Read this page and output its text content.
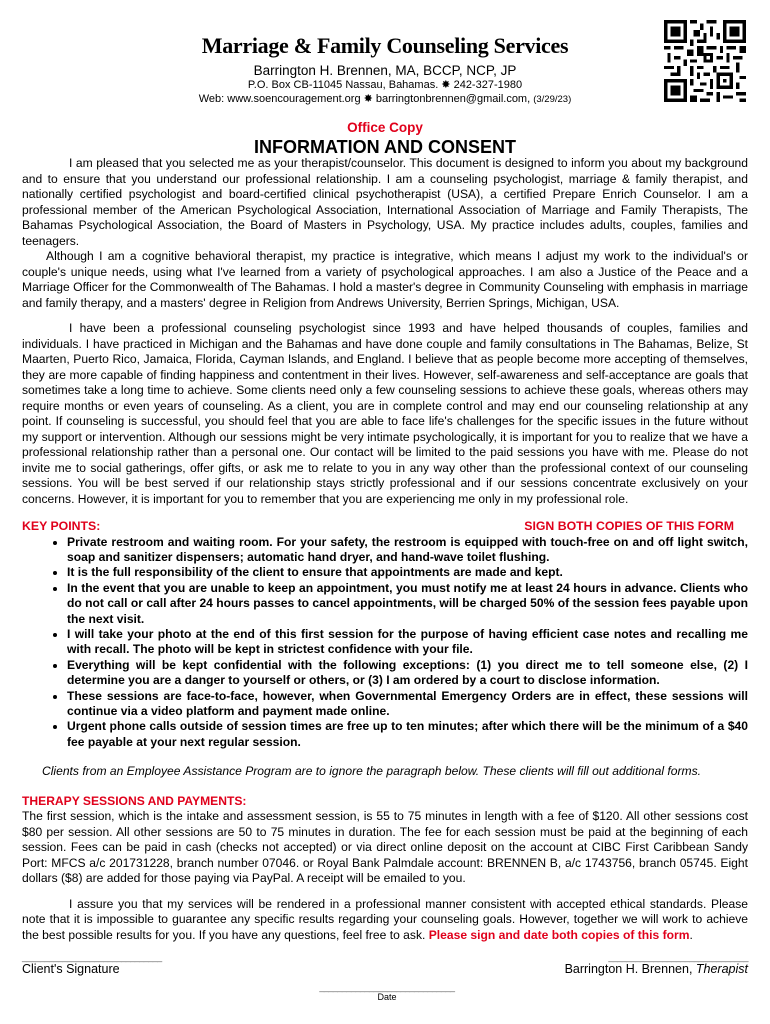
Marriage & Family Counseling Services
Barrington H. Brennen, MA, BCCP, NCP, JP
P.O. Box CB-11045 Nassau, Bahamas. ✸ 242-327-1980
Web: www.soencouragement.org ✸ barringtonbrennen@gmail.com, (3/29/23)
Office Copy
INFORMATION AND CONSENT

I am pleased that you selected me as your therapist/counselor. This document is designed to inform you about my background and to ensure that you understand our professional relationship. I am a counseling psychologist, marriage & family therapist, and nationally certified psychologist and board-certified clinical psychotherapist (USA), a certified Prepare Enrich Counselor. I am a professional member of the American Psychological Association, International Association of Marriage and Family Therapists, The Bahamas Psychological Association, the Board of Masters in Psychology, USA. My practice includes adults, couples, families and teenagers.

Although I am a cognitive behavioral therapist, my practice is integrative, which means I adjust my work to the individual's or couple's unique needs, using what I've learned from a variety of psychological approaches. I am also a Justice of the Peace and a Marriage Officer for the Commonwealth of The Bahamas. I hold a master's degree in Community Counseling with emphasis in marriage and family therapy, and a masters' degree in Religion from Andrews University, Berrien Springs, Michigan, USA.

I have been a professional counseling psychologist since 1993 and have helped thousands of couples, families and individuals. I have practiced in Michigan and the Bahamas and have done couple and family consultations in The Bahamas, Belize, St Maarten, Puerto Rico, Jamaica, Florida, Cayman Islands, and England. I believe that as people become more accepting of themselves, they are more capable of finding happiness and contentment in their lives. However, self-awareness and self-acceptance are goals that sometimes take a long time to achieve. Some clients need only a few counseling sessions to achieve these goals, whereas others may require months or even years of counseling. As a client, you are in complete control and may end our counseling relationship at any point. If counseling is successful, you should feel that you are able to face life's challenges for the specific issues in the future without my support or intervention. Although our sessions might be very intimate psychologically, it is important for you to realize that we have a professional relationship rather than a personal one. Our contact will be limited to the paid sessions you have with me. Please do not invite me to social gatherings, offer gifts, or ask me to relate to you in any way other than the professional context of our counseling sessions. You will be best served if our relationship stays strictly professional and if our sessions concentrate exclusively on your concerns. However, it is important for you to remember that you are experiencing me only in my professional role.

KEY POINTS:	SIGN BOTH COPIES OF THIS FORM
• Private restroom and waiting room. For your safety, the restroom is equipped with touch-free on and off light switch, soap and sanitizer dispensers; automatic hand dryer, and hand-wave toilet flushing.
• It is the full responsibility of the client to ensure that appointments are made and kept.
• In the event that you are unable to keep an appointment, you must notify me at least 24 hours in advance. Clients who do not call or call after 24 hours passes to cancel appointments, will be charged 50% of the session fees payable upon the next visit.
• I will take your photo at the end of this first session for the purpose of having efficient case notes and recalling me with recall. The photo will be kept in strictest confidence with your file.
• Everything will be kept confidential with the following exceptions: (1) you direct me to tell someone else, (2) I determine you are a danger to yourself or others, or (3) I am ordered by a court to disclose information.
• These sessions are face-to-face, however, when Governmental Emergency Orders are in effect, these sessions will continue via a video platform and payment made online.
• Urgent phone calls outside of session times are free up to ten minutes; after which there will be the minimum of a $40 fee payable at your next regular session.

Clients from an Employee Assistance Program are to ignore the paragraph below. These clients will fill out additional forms.

THERAPY SESSIONS AND PAYMENTS:

The first session, which is the intake and assessment session, is 55 to 75 minutes in length with a fee of $120. All other sessions cost $80 per session. All other sessions are 50 to 75 minutes in duration. The fee for each session must be paid at the beginning of each session. Fees can be paid in cash (checks not accepted) or via direct online deposit on the account at CIBC First Caribbean Sandy Port: MFCS a/c 201731228, branch number 07046. or Royal Bank Palmdale account: BRENNEN B, a/c 1743756, branch 05745. Eight dollars ($8) are added for those paying via PayPal. A receipt will be emailed to you.

I assure you that my services will be rendered in a professional manner consistent with accepted ethical standards. Please note that it is impossible to guarantee any specific results regarding your counseling goals. However, together we will work to achieve the best possible results for you. If you have any questions, feel free to ask. Please sign and date both copies of this form.

_______________________________
Client's Signature
_______________________________
Barrington H. Brennen, Therapist
______________________________
Date
